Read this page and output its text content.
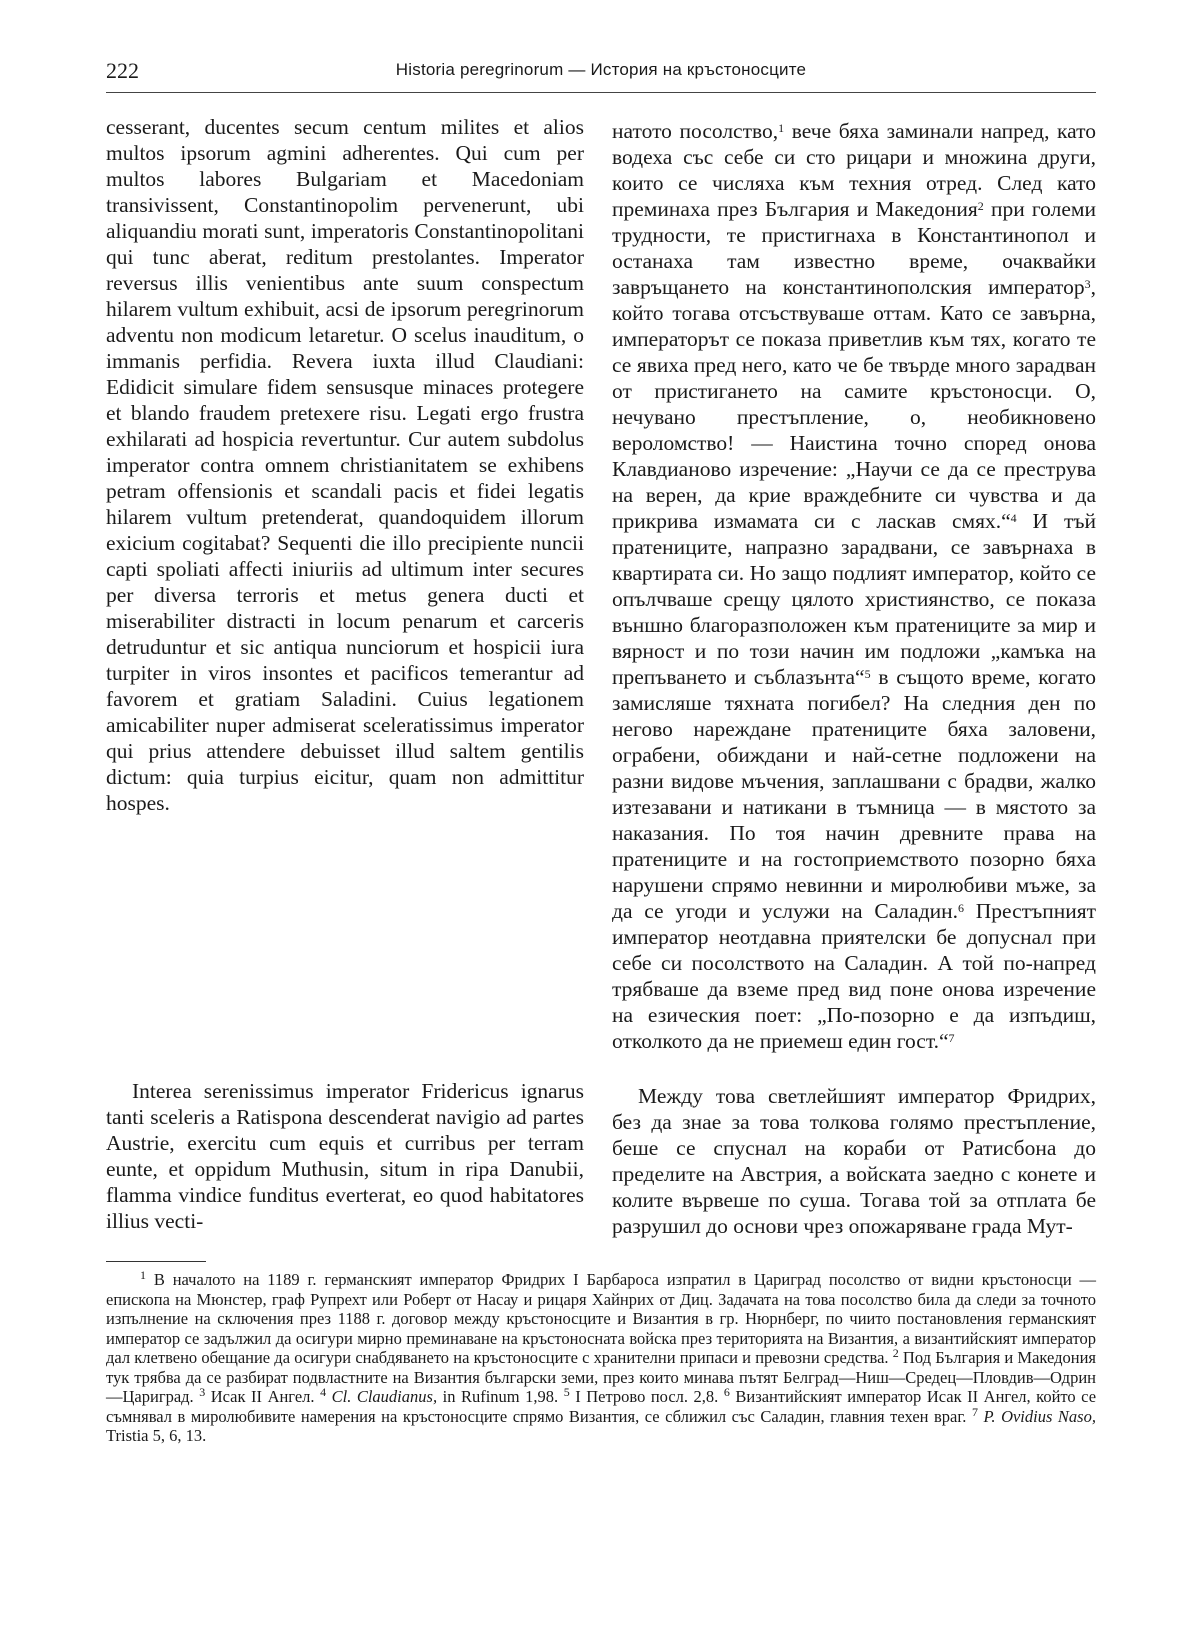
222	Historia peregrinorum — История на кръстоносците

cesserant, ducentes secum centum milites et alios multos ipsorum agmini adherentes. Qui cum per multos labores Bulgariam et Macedoniam transivissent, Constantinopolim pervenerunt, ubi aliquandiu morati sunt, imperatoris Constantinopolitani qui tunc aberat, reditum prestolantes. Imperator reversus illis venientibus ante suum conspectum hilarem vultum exhibuit, acsi de ipsorum peregrinorum adventu non modicum letaretur. O scelus inauditum, o immanis perfidia. Revera iuxta illud Claudiani: Edidicit simulare fidem sensusque minaces protegere et blando fraudem pretexere risu. Legati ergo frustra exhilarati ad hospicia revertuntur. Cur autem subdolus imperator contra omnem christianitatem se exhibens petram offensionis et scandali pacis et fidei legatis hilarem vultum pretenderat, quandoquidem illorum exicium cogitabat? Sequenti die illo precipiente nuncii capti spoliati affecti iniuriis ad ultimum inter secures per diversa terroris et metus genera ducti et miserabiliter distracti in locum penarum et carceris detruduntur et sic antiqua nunciorum et hospicii iura turpiter in viros insontes et pacificos temerantur ad favorem et gratiam Saladini. Cuius legationem amicabiliter nuper admiserat sceleratissimus imperator qui prius attendere debuisset illud saltem gentilis dictum: quia turpius eicitur, quam non admittitur hospes.

натото посолство,$^1$ вече бяха заминали напред, като водеха със себе си сто рицари и множина други, които се числяха към техния отред. След като преминаха през България и Македония$^2$ при големи трудности, те пристигнаха в Константинопол и останаха там известно време, очаквайки завръщането на константинополския император$^3$, който тогава отсъствуваше оттам. Като се завърна, императорът се показа приветлив към тях, когато те се явиха пред него, като че бе твърде много зарадван от пристигането на самите кръстоносци. О, нечувано престъпление, о, необикновено вероломство! — Наистина точно според онова Клавдианово изречение: „Научи се да се преструва на верен, да крие враждебните си чувства и да прикрива измамата си с ласкав смях.“$^4$ И тъй пратениците, напразно зарадвани, се завърнаха в квартирата си. Но защо подлият император, който се опълчваше срещу цялото християнство, се показа външно благоразположен към пратениците за мир и вярност и по този начин им подложи „камъка на препъването и съблазънта“$^5$ в същото време, когато замисляше тяхната погибел? На следния ден по негово нареждане пратениците бяха заловени, ограбени, обиждани и най-сетне подложени на разни видове мъчения, заплашвани с брадви, жалко изтезавани и натикани в тъмница — в мястото за наказания. По тоя начин древните права на пратениците и на гостоприемството позорно бяха нарушени спрямо невинни и миролюбиви мъже, за да се угоди и услужи на Саладин.$^6$ Престъпният император неотдавна приятелски бе допуснал при себе си посолството на Саладин. А той по-напред трябваше да вземе пред вид поне онова изречение на езическия поет: „По-позорно е да изпъдиш, отколкото да не приемеш един гост.“$^7$

Interea serenissimus imperator Fridericus ignarus tanti sceleris a Ratispona descenderat navigio ad partes Austrie, exercitu cum equis et curribus per terram eunte, et oppidum Muthusin, situm in ripa Danubii, flamma vindice funditus everterat, eo quod habitatores illius vecti-

Между това светлейшият император Фридрих, без да знае за това толкова голямо престъпление, беше се спуснал на кораби от Ратисбона до пределите на Австрия, а войската заедно с конете и колите вървеше по суша. Тогава той за отплата бе разрушил до основи чрез опожаряване града Мут-

$^1$ В началото на 1189 г. германският император Фридрих I Барбароса изпратил в Цариград посолство от видни кръстоносци — епископа на Мюнстер, граф Рупрехт или Роберт от Насау и рицаря Хайнрих от Диц. Задачата на това посолство била да следи за точното изпълнение на сключения през 1188 г. договор между кръстоносците и Византия в гр. Нюрнберг, по чиито постановления германският император се задължил да осигури мирно преминаване на кръстоносната войска през територията на Византия, а византийският император дал клетвено обещание да осигури снабдяването на кръстоносците с хранителни припаси и превозни средства. $^2$ Под България и Македония тук трябва да се разбират подвластните на Византия български земи, през които минава пътят Белград—Ниш—Средец—Пловдив—Одрин—Цариград. $^3$ Исак II Ангел. $^4$ Cl. Claudianus, in Rufinum 1,98. $^5$ I Петрово посл. 2,8. $^6$ Византийският император Исак II Ангел, който се съмнявал в миролюбивите намерения на кръстоносците спрямо Византия, се сближил със Саладин, главния техен враг. $^7$ P. Ovidius Naso, Tristia 5, 6, 13.
